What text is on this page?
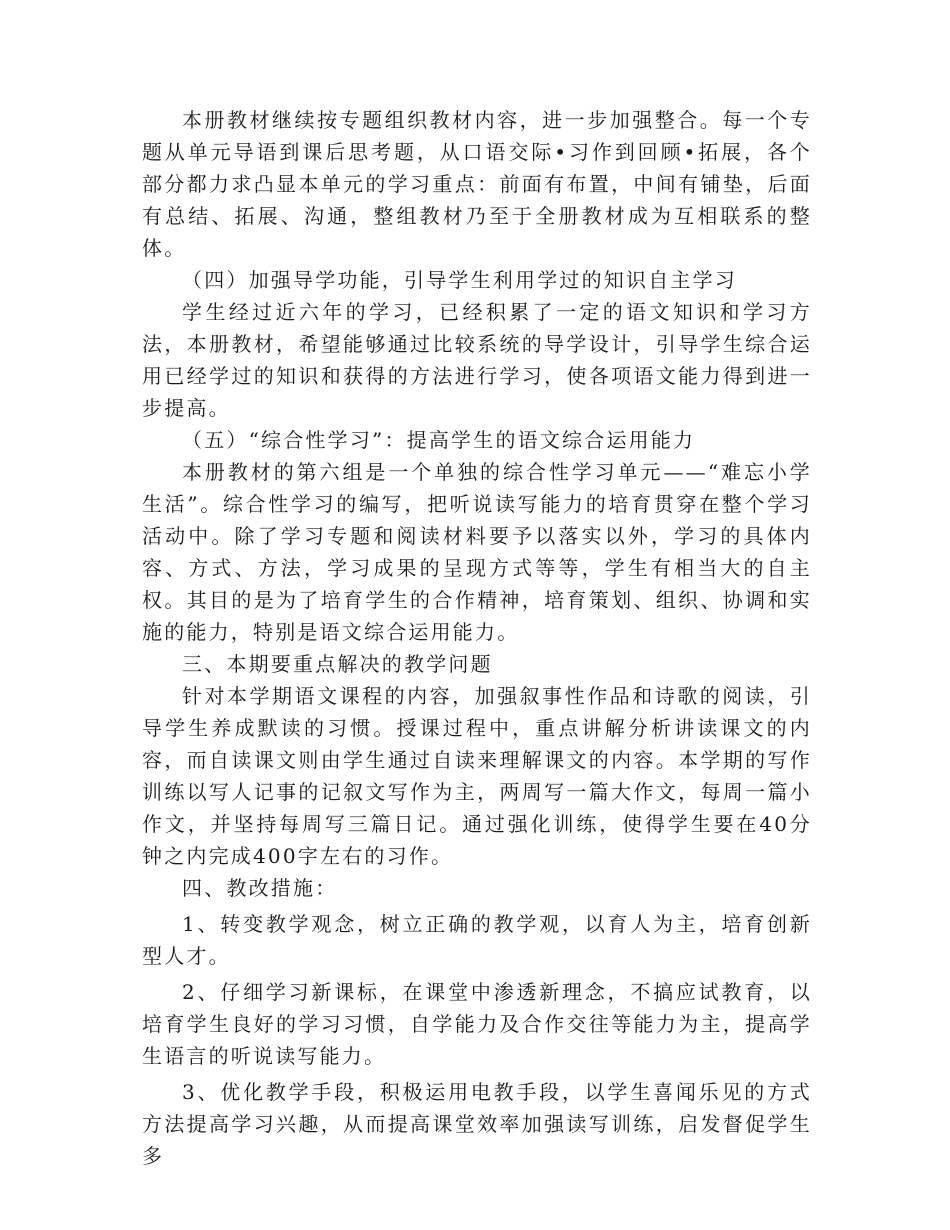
本册教材继续按专题组织教材内容，进一步加强整合。每一个专题从单元导语到课后思考题，从口语交际•习作到回顾•拓展，各个部分都力求凸显本单元的学习重点：前面有布置，中间有铺垫，后面有总结、拓展、沟通，整组教材乃至于全册教材成为互相联系的整体。

（四）加强导学功能，引导学生利用学过的知识自主学习

学生经过近六年的学习，已经积累了一定的语文知识和学习方法，本册教材，希望能够通过比较系统的导学设计，引导学生综合运用已经学过的知识和获得的方法进行学习，使各项语文能力得到进一步提高。

（五）“综合性学习”：提高学生的语文综合运用能力

本册教材的第六组是一个单独的综合性学习单元——“难忘小学生活”。综合性学习的编写，把听说读写能力的培育贯穿在整个学习活动中。除了学习专题和阅读材料要予以落实以外，学习的具体内容、方式、方法，学习成果的呈现方式等等，学生有相当大的自主权。其目的是为了培育学生的合作精神，培育策划、组织、协调和实施的能力，特别是语文综合运用能力。

三、本期要重点解决的教学问题

针对本学期语文课程的内容，加强叙事性作品和诗歌的阅读，引导学生养成默读的习惯。授课过程中，重点讲解分析讲读课文的内容，而自读课文则由学生通过自读来理解课文的内容。本学期的写作训练以写人记事的记叙文写作为主，两周写一篇大作文，每周一篇小作文，并坚持每周写三篇日记。通过强化训练，使得学生要在40分钟之内完成400字左右的习作。

四、教改措施：

1、转变教学观念，树立正确的教学观，以育人为主，培育创新型人才。

2、仔细学习新课标，在课堂中渗透新理念，不搞应试教育，以培育学生良好的学习习惯，自学能力及合作交往等能力为主，提高学生语言的听说读写能力。

3、优化教学手段，积极运用电教手段，以学生喜闻乐见的方式方法提高学习兴趣，从而提高课堂效率加强读写训练，启发督促学生多
